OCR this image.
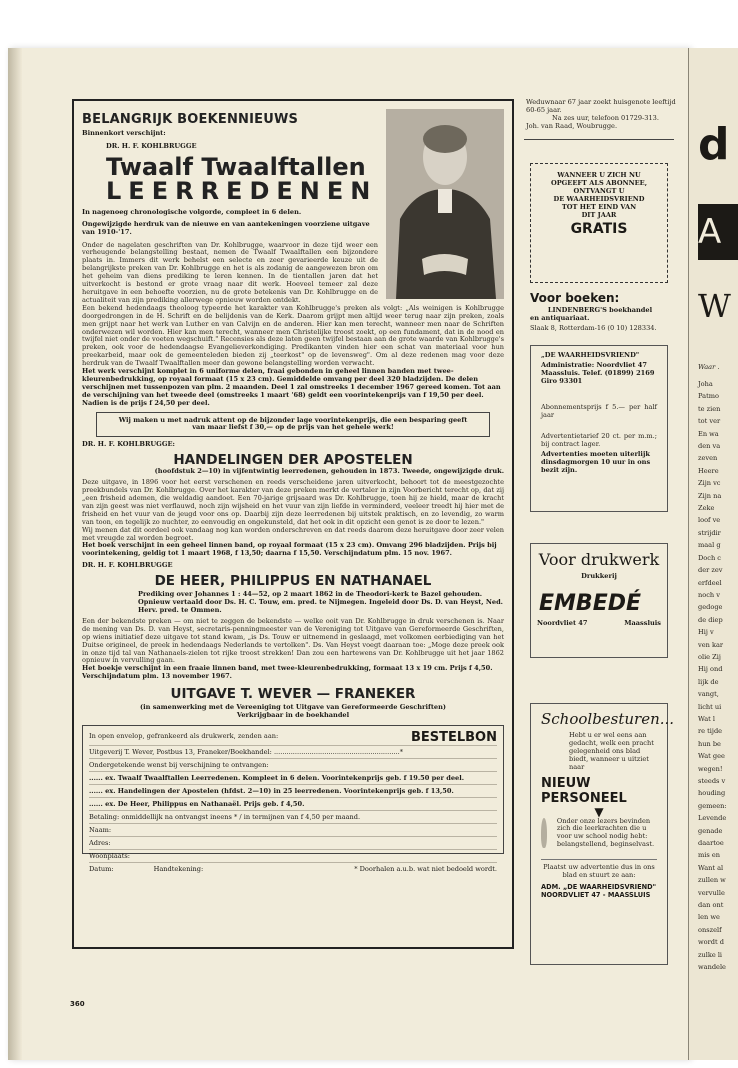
BELANGRIJK BOEKENNIEUWS
Binnenkort verschijnt:
DR. H. F. KOHLBRUGGE
Twaalf Twaalftallen
LEERREDENEN
In nagenoeg chronologische volgorde, compleet in 6 delen.
Ongewijzigde herdruk van de nieuwe en van aantekeningen voorziene uitgave van 1910-'17.
Onder de nagelaten geschriften van Dr. Kohlbrugge, waarvoor in deze tijd weer een verheugende belangstelling bestaat, nemen de Twaalf Twaalftallen een bijzondere plaats in. Immers dit werk behelst een selecte en zeer gevarieerde keuze uit de belangrijkste preken van Dr. Kohlbrugge en het is als zodanig de aangewezen bron om het geheim van diens prediking te leren kennen. In de tientallen jaren dat het uitverkocht is bestond er grote vraag naar dit werk. Hoeveel temeer zal deze heruitgave in een behoefte voorzien, nu de grote betekenis van Dr. Kohlbrugge en de actualiteit van zijn prediking allerwege opnieuw worden ontdekt.
Een bekend hedendaags theoloog typeerde het karakter van Kohlbrugge's preken als volgt: „Als weinigen is Kohlbrugge doorgedrongen in de H. Schrift en de belijdenis van de Kerk. Daarom grijpt men altijd weer terug naar zijn preken, zoals men grijpt naar het werk van Luther en van Calvijn en de anderen. Hier kan men terecht, wanneer men naar de Schriften onderwezen wil worden. Hier kan men terecht, wanneer men Christelijke troost zoekt, op een fundament, dat in de nood en twijfel niet onder de voeten wegschuift." Recensies als deze laten geen twijfel bestaan aan de grote waarde van Kohlbrugge's preken, ook voor de hedendaagse Evangelieverkondiging. Predikanten vinden hier een schat van materiaal voor hun preekarbeid, maar ook de gemeenteleden bieden zij „teerkost" op de levensweg". Om al deze redenen mag voor deze herdruk van de Twaalf Twaalftallen meer dan gewone belangstelling worden verwacht.
Het werk verschijnt komplet in 6 uniforme delen, fraai gebonden in geheel linnen banden met twee-kleurenbedrukking, op royaal formaat (15 x 23 cm). Gemiddelde omvang per deel 320 bladzijden. De delen verschijnen met tussenpozen van plm. 2 maanden. Deel 1 zal omstreeks 1 december 1967 gereed komen. Tot aan de verschijning van het tweede deel (omstreeks 1 maart '68) geldt een voorintekenprijs van f 19,50 per deel. Nadien is de prijs f 24,50 per deel.
Wij maken u met nadruk attent op de bijzonder lage voorintekenprijs, die een besparing geeft van maar liefst f 30,— op de prijs van het gehele werk!
DR. H. F. KOHLBRUGGE:
HANDELINGEN DER APOSTELEN
(hoofdstuk 2—10) in vijfentwintig leerredenen, gehouden in 1873. Tweede, ongewijzigde druk.
Deze uitgave, in 1896 voor het eerst verschenen en reeds verscheidene jaren uitverkocht, behoort tot de meestgezochte preekbundels van Dr. Kohlbrugge. Over het karakter van deze preken merkt de vertaler in zijn Voorbericht terecht op, dat zij „een frisheid ademen, die weldadig aandoet. Een 70-jarige grijsaard was Dr. Kohlbrugge, toen hij ze hield, maar de kracht van zijn geest was niet verflauwd, noch zijn wijsheid en het vuur van zijn liefde in verminderd, veeleer treedt hij hier met de frisheid en het vuur van de jeugd voor ons op. Daarbij zijn deze leerredenen bij uitstek praktisch, en zo levendig, zo warm van toon, en tegelijk zo nuchter, zo eenvoudig en ongekunsteld, dat het ook in dit opzicht een genot is ze door te lezen."
Wij menen dat dit oordeel ook vandaag nog kan worden onderschreven en dat reeds daarom deze heruitgave door zeer velen met vreugde zal worden begroet.
Het boek verschijnt in een geheel linnen band, op royaal formaat (15 x 23 cm). Omvang 296 bladzijden. Prijs bij voorintekening, geldig tot 1 maart 1968, f 13,50; daarna f 15,50. Verschijndatum plm. 15 nov. 1967.
DR. H. F. KOHLBRUGGE
DE HEER, PHILIPPUS EN NATHANAEL
Prediking over Johannes 1 : 44—52, op 2 maart 1862 in de Theodori-kerk te Bazel gehouden. Opnieuw vertaald door Ds. H. C. Touw, em. pred. te Nijmegen. Ingeleid door Ds. D. van Heyst, Ned. Herv. pred. te Ommen.
Een der bekendste preken — om niet te zeggen de bekendste — welke ooit van Dr. Kohlbrugge in druk verschenen is. Naar de mening van Ds. D. van Heyst, secretaris-penningmeester van de Vereniging tot Uitgave van Gereformeerde Geschriften, op wiens initiatief deze uitgave tot stand kwam, „is Ds. Touw er uitnemend in geslaagd, met volkomen eerbiediging van het Duitse origineel, de preek in hedendaags Nederlands te vertolken". Ds. Van Heyst voegt daaraan toe: „Moge deze preek ook in onze tijd tal van Nathanaels-zielen tot rijke troost strekken! Dan zou een hartewens van Dr. Kohlbrugge uit het jaar 1862 opnieuw in vervulling gaan.
Het boekje verschijnt in een fraaie linnen band, met twee-kleurenbedrukking, formaat 13 x 19 cm. Prijs f 4,50. Verschijndatum plm. 13 november 1967.
UITGAVE T. WEVER — FRANEKER
(in samenwerking met de Vereeniging tot Uitgave van Gereformeerde Geschriften)
Verkrijgbaar in de boekhandel
In open envelop, gefrankeerd als drukwerk, zenden aan:	BESTELBON
Uitgeverij T. Wever, Postbus 13, Franeker/Boekhandel: ............................................................*
Ondergetekende wenst bij verschijning te ontvangen:
...... ex. Twaalf Twaalftallen Leerredenen. Kompleet in 6 delen. Voorintekenprijs geb. f 19.50 per deel.
...... ex. Handelingen der Apostelen (hfdst. 2—10) in 25 leerredenen. Voorintekenprijs geb. f 13,50.
...... ex. De Heer, Philippus en Nathanaël. Prijs geb. f 4,50.
Betaling: onmiddellijk na ontvangst ineens * / in termijnen van f 4,50 per maand.
Naam:
Adres:
Woonplaats:
Datum:	Handtekening:	* Doorhalen a.u.b. wat niet bedoeld wordt.
360
Weduwnaar 67 jaar zoekt huisgenote leeftijd 60-65 jaar.
Na zes uur, telefoon 01729-313.
Joh. van Raad, Woubrugge.
WANNEER U ZICH NU
OPGEEFT ALS ABONNEE,
ONTVANGT U
DE WAARHEIDSVRIEND
TOT HET EIND VAN
DIT JAAR
GRATIS
Voor boeken:
LINDENBERG'S boekhandel
en antiquariaat.
Slaak 8, Rotterdam-16 (0 10) 128334.
„DE WAARHEIDSVRIEND"
Administratie: Noordvliet 47 Maassluis. Telef. (01899) 2169 Giro 93301
Abonnementsprijs f 5.— per half jaar
Advertentietarief 20 ct. per m.m.; bij contract lager.
Advertenties moeten uiterlijk dinsdagmorgen 10 uur in ons bezit zijn.
Voor drukwerk
Drukkerij
EMBEDÉ
Noordvliet 47	Maassluis
Schoolbesturen...
Hebt u er wel eens aan gedacht, welk een pracht gelegenheid ons blad biedt, wanneer u uitziet naar
NIEUW PERSONEEL
▼
Onder onze lezers bevinden zich die leerkrachten die u voor uw school nodig hebt: belangstellend, beginselvast.
Plaatst uw advertentie dus in ons blad en stuurt ze aan:
ADM. „DE WAARHEIDSVRIEND"
NOORDVLIET 47 - MAASSLUIS
d
A
W
Waar .
Joha
Patmo
te zien
tot ver
En wa
den va
zeven
Heere
Zijn vc
Zijn na
Zeke
loof ve
strijdir
maal g
Doch c
der zev
erfdeel
noch v
gedoge
de diep
Hij v
ven kar
olie Zij
Hij ond
lijk de
vangt,
licht ui
Wat l
re tijde
hun be
Wat gee
wegen!
steeds v
houding
gemeen:
Levende
genade
daartoe
mis en
Want al
zullen w
vervulle
dan ont
len we
onszelf
wordt d
zulke li
wandele
